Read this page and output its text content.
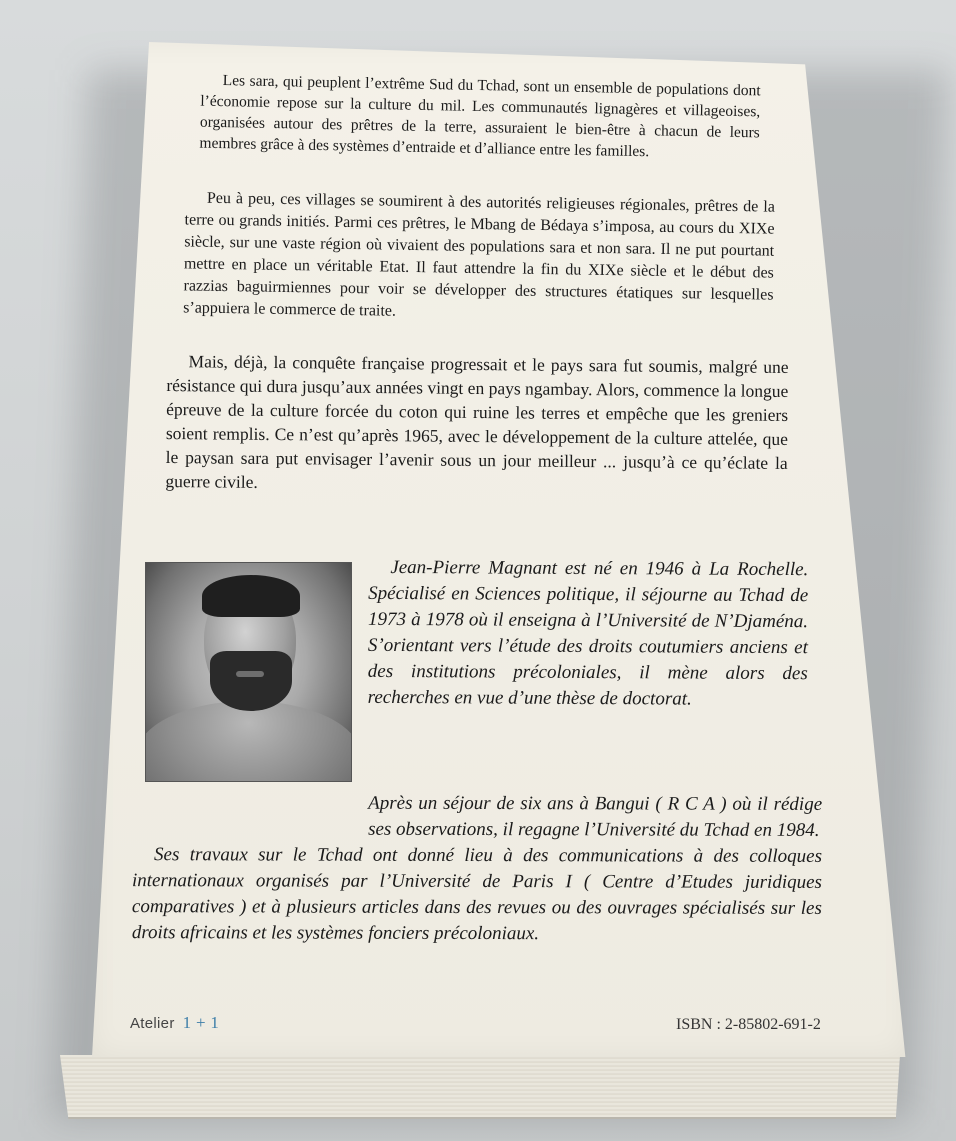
Les sara, qui peuplent l’extrême Sud du Tchad, sont un ensemble de populations dont l’économie repose sur la culture du mil. Les communautés lignagères et villageoises, organisées autour des prêtres de la terre, assuraient le bien-être à chacun de leurs membres grâce à des systèmes d’entraide et d’alliance entre les familles.

Peu à peu, ces villages se soumirent à des autorités religieuses régionales, prêtres de la terre ou grands initiés. Parmi ces prêtres, le Mbang de Bédaya s’imposa, au cours du XIXe siècle, sur une vaste région où vivaient des populations sara et non sara. Il ne put pourtant mettre en place un véritable Etat. Il faut attendre la fin du XIXe siècle et le début des razzias baguirmiennes pour voir se développer des structures étatiques sur lesquelles s’appuiera le commerce de traite.

Mais, déjà, la conquête française progressait et le pays sara fut soumis, malgré une résistance qui dura jusqu’aux années vingt en pays ngambay. Alors, commence la longue épreuve de la culture forcée du coton qui ruine les terres et empêche que les greniers soient remplis. Ce n’est qu’après 1965, avec le développement de la culture attelée, que le paysan sara put envisager l’avenir sous un jour meilleur ... jusqu’à ce qu’éclate la guerre civile.

Jean-Pierre Magnant est né en 1946 à La Rochelle. Spécialisé en Sciences politique, il séjourne au Tchad de 1973 à 1978 où il enseigna à l’Université de N’Djaména. S’orientant vers l’étude des droits coutumiers anciens et des institutions précoloniales, il mène alors des recherches en vue d’une thèse de doctorat.

Après un séjour de six ans à Bangui ( R C A ) où il rédige ses observations, il regagne l’Université du Tchad en 1984.

Ses travaux sur le Tchad ont donné lieu à des communications à des colloques internationaux organisés par l’Université de Paris I ( Centre d’Etudes juridiques comparatives ) et à plusieurs articles dans des revues ou des ouvrages spécialisés sur les droits africains et les systèmes fonciers précoloniaux.

Atelier 1 + 1	ISBN : 2-85802-691-2
